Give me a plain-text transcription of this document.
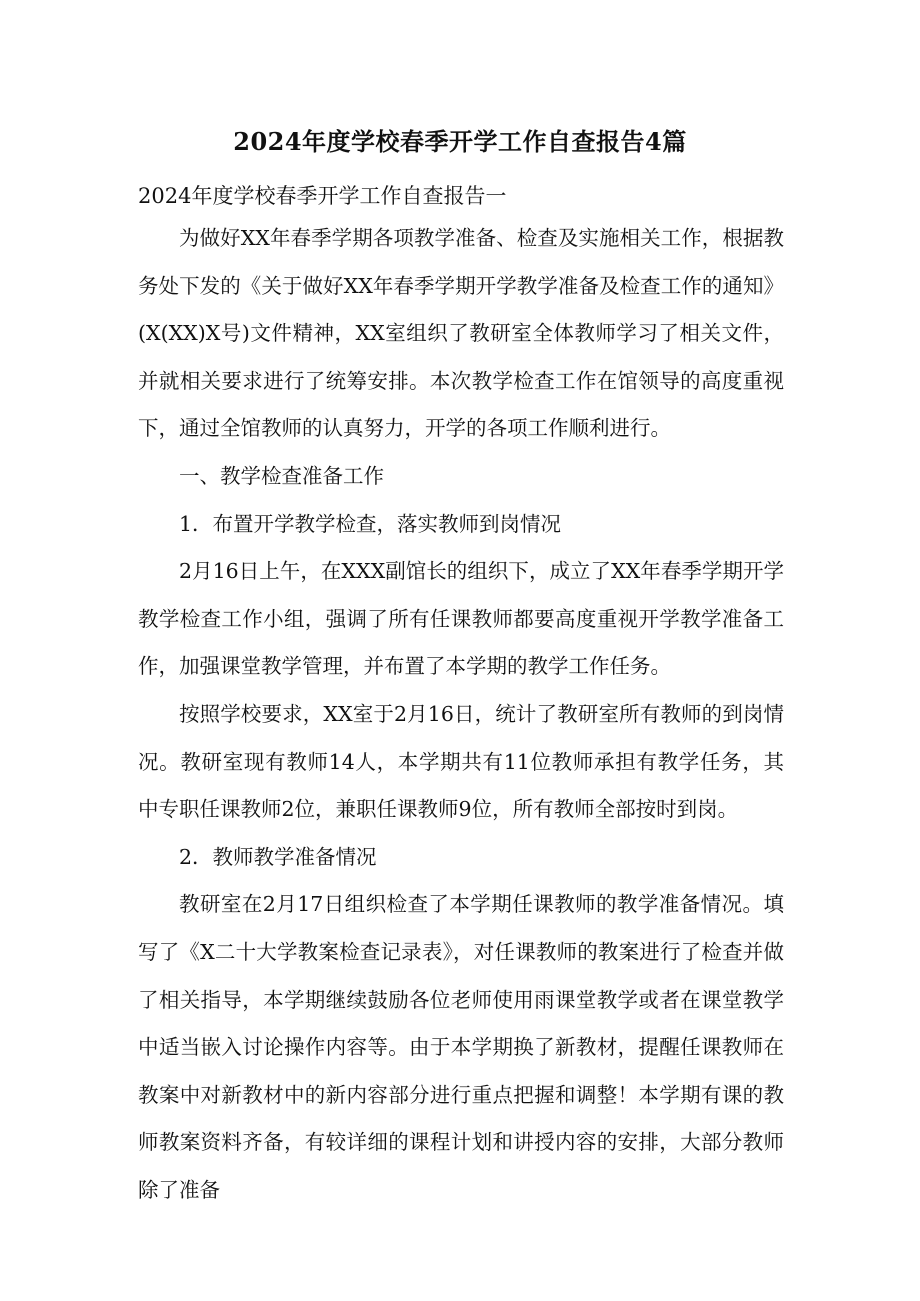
2024年度学校春季开学工作自查报告4篇
2024年度学校春季开学工作自查报告一

为做好XX年春季学期各项教学准备、检查及实施相关工作，根据教务处下发的《关于做好XX年春季学期开学教学准备及检查工作的通知》(X(XX)X号)文件精神，XX室组织了教研室全体教师学习了相关文件，并就相关要求进行了统筹安排。本次教学检查工作在馆领导的高度重视下，通过全馆教师的认真努力，开学的各项工作顺利进行。

一、教学检查准备工作

1．布置开学教学检查，落实教师到岗情况

2月16日上午，在XXX副馆长的组织下，成立了XX年春季学期开学教学检查工作小组，强调了所有任课教师都要高度重视开学教学准备工作，加强课堂教学管理，并布置了本学期的教学工作任务。

按照学校要求，XX室于2月16日，统计了教研室所有教师的到岗情况。教研室现有教师14人，本学期共有11位教师承担有教学任务，其中专职任课教师2位，兼职任课教师9位，所有教师全部按时到岗。

2．教师教学准备情况

教研室在2月17日组织检查了本学期任课教师的教学准备情况。填写了《X二十大学教案检查记录表》，对任课教师的教案进行了检查并做了相关指导，本学期继续鼓励各位老师使用雨课堂教学或者在课堂教学中适当嵌入讨论操作内容等。由于本学期换了新教材，提醒任课教师在教案中对新教材中的新内容部分进行重点把握和调整！本学期有课的教师教案资料齐备，有较详细的课程计划和讲授内容的安排，大部分教师除了准备
